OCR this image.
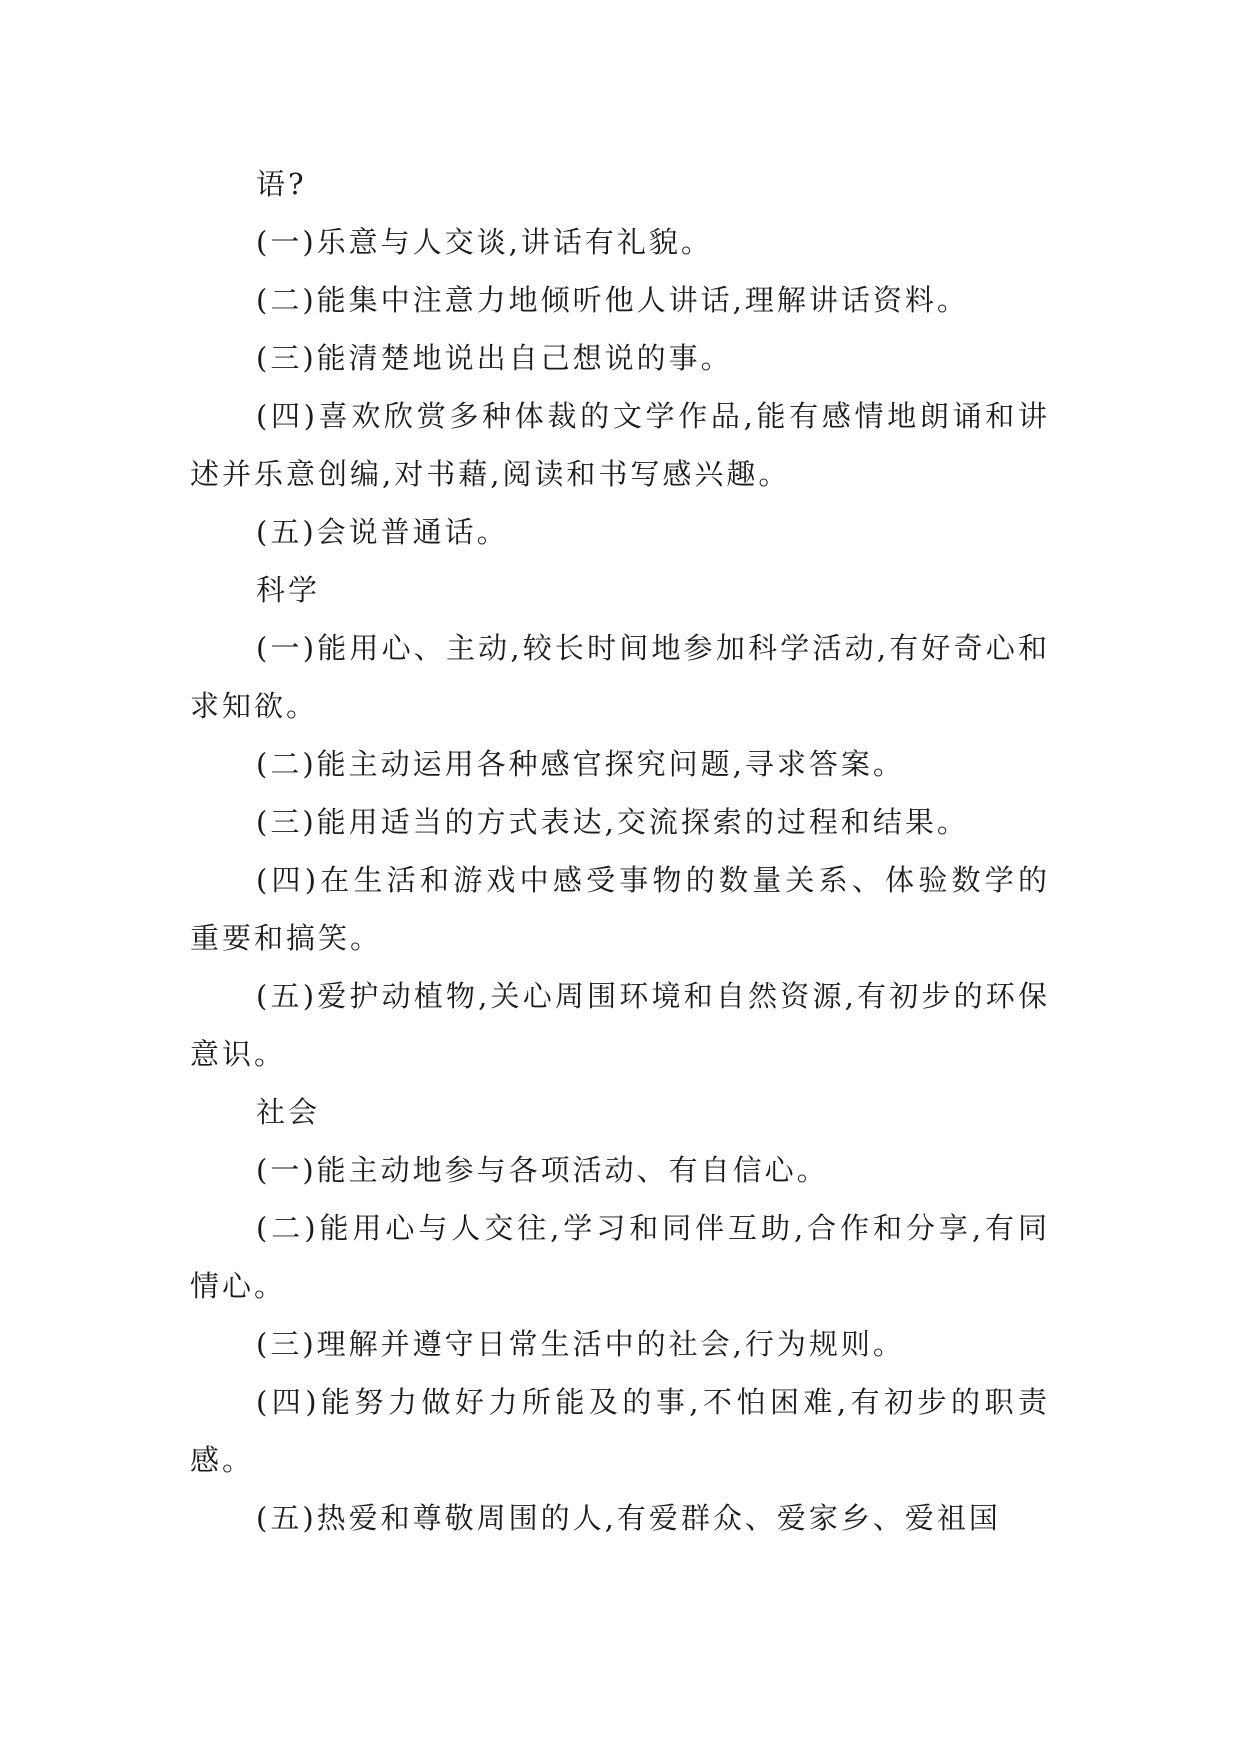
语?

(一)乐意与人交谈,讲话有礼貌。

(二)能集中注意力地倾听他人讲话,理解讲话资料。

(三)能清楚地说出自己想说的事。

(四)喜欢欣赏多种体裁的文学作品,能有感情地朗诵和讲述并乐意创编,对书藉,阅读和书写感兴趣。

(五)会说普通话。

科学

(一)能用心、主动,较长时间地参加科学活动,有好奇心和求知欲。

(二)能主动运用各种感官探究问题,寻求答案。

(三)能用适当的方式表达,交流探索的过程和结果。

(四)在生活和游戏中感受事物的数量关系、体验数学的重要和搞笑。

(五)爱护动植物,关心周围环境和自然资源,有初步的环保意识。

社会

(一)能主动地参与各项活动、有自信心。

(二)能用心与人交往,学习和同伴互助,合作和分享,有同情心。

(三)理解并遵守日常生活中的社会,行为规则。

(四)能努力做好力所能及的事,不怕困难,有初步的职责感。

(五)热爱和尊敬周围的人,有爱群众、爱家乡、爱祖国
